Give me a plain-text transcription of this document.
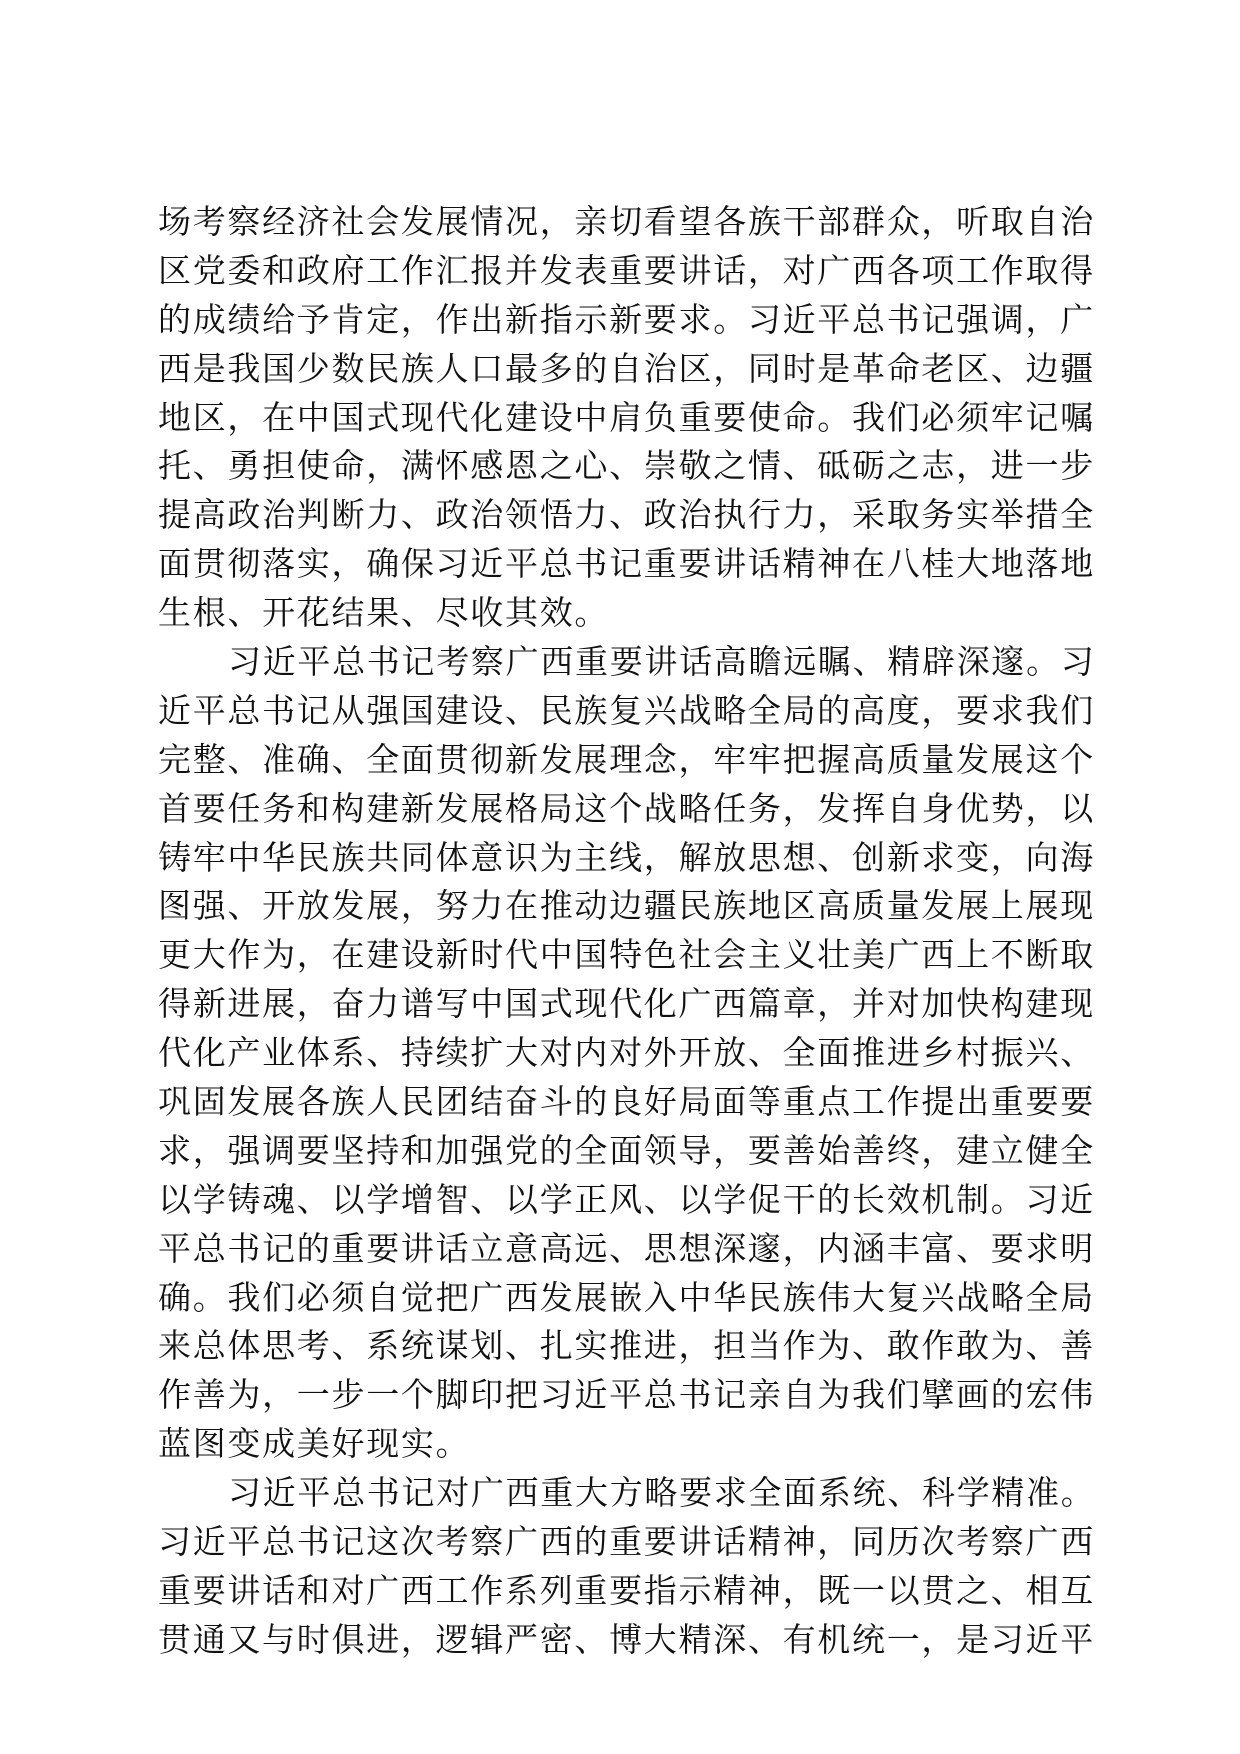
场考察经济社会发展情况，亲切看望各族干部群众，听取自治
区党委和政府工作汇报并发表重要讲话，对广西各项工作取得
的成绩给予肯定，作出新指示新要求。习近平总书记强调，广
西是我国少数民族人口最多的自治区，同时是革命老区、边疆
地区，在中国式现代化建设中肩负重要使命。我们必须牢记嘱
托、勇担使命，满怀感恩之心、崇敬之情、砥砺之志，进一步
提高政治判断力、政治领悟力、政治执行力，采取务实举措全
面贯彻落实，确保习近平总书记重要讲话精神在八桂大地落地
生根、开花结果、尽收其效。
习近平总书记考察广西重要讲话高瞻远瞩、精辟深邃。习
近平总书记从强国建设、民族复兴战略全局的高度，要求我们
完整、准确、全面贯彻新发展理念，牢牢把握高质量发展这个
首要任务和构建新发展格局这个战略任务，发挥自身优势，以
铸牢中华民族共同体意识为主线，解放思想、创新求变，向海
图强、开放发展，努力在推动边疆民族地区高质量发展上展现
更大作为，在建设新时代中国特色社会主义壮美广西上不断取
得新进展，奋力谱写中国式现代化广西篇章，并对加快构建现
代化产业体系、持续扩大对内对外开放、全面推进乡村振兴、
巩固发展各族人民团结奋斗的良好局面等重点工作提出重要要
求，强调要坚持和加强党的全面领导，要善始善终，建立健全
以学铸魂、以学增智、以学正风、以学促干的长效机制。习近
平总书记的重要讲话立意高远、思想深邃，内涵丰富、要求明
确。我们必须自觉把广西发展嵌入中华民族伟大复兴战略全局
来总体思考、系统谋划、扎实推进，担当作为、敢作敢为、善
作善为，一步一个脚印把习近平总书记亲自为我们擘画的宏伟
蓝图变成美好现实。
习近平总书记对广西重大方略要求全面系统、科学精准。
习近平总书记这次考察广西的重要讲话精神，同历次考察广西
重要讲话和对广西工作系列重要指示精神，既一以贯之、相互
贯通又与时俱进，逻辑严密、博大精深、有机统一，是习近平
